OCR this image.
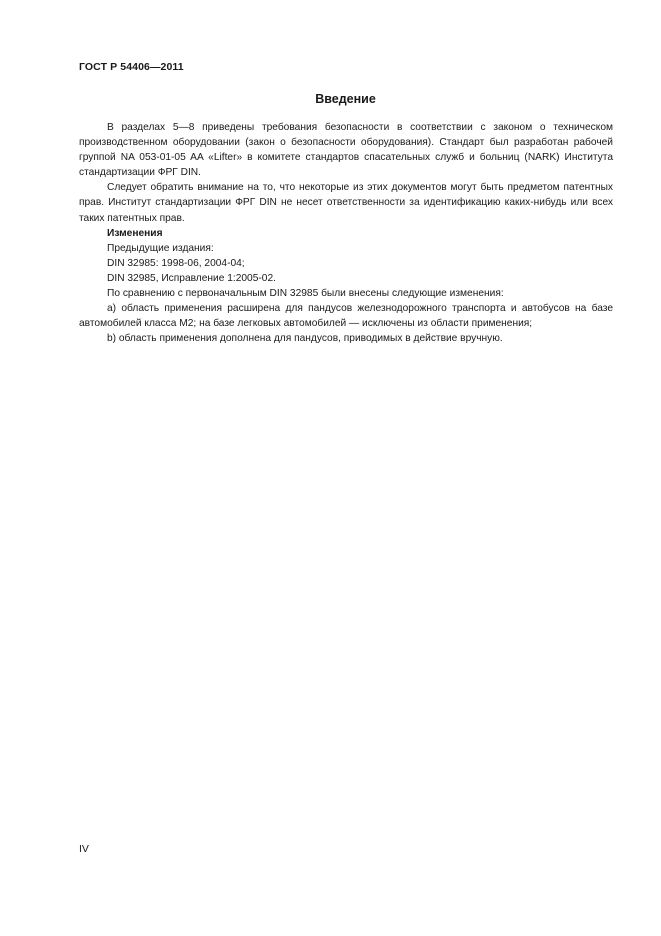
ГОСТ Р 54406—2011
Введение

В разделах 5—8 приведены требования безопасности в соответствии с законом о техническом производственном оборудовании (закон о безопасности оборудования). Стандарт был разработан рабочей группой NA 053-01-05 AA «Lifter» в комитете стандартов спасательных служб и больниц (NARK) Института стандартизации ФРГ DIN.

Следует обратить внимание на то, что некоторые из этих документов могут быть предметом патентных прав. Институт стандартизации ФРГ DIN не несет ответственности за идентификацию каких-нибудь или всех таких патентных прав.

Изменения

Предыдущие издания:

DIN 32985: 1998-06, 2004-04;

DIN 32985, Исправление 1:2005-02.

По сравнению с первоначальным DIN 32985 были внесены следующие изменения:

а) область применения расширена для пандусов железнодорожного транспорта и автобусов на базе автомобилей класса М2; на базе легковых автомобилей — исключены из области применения;

b) область применения дополнена для пандусов, приводимых в действие вручную.

IV
